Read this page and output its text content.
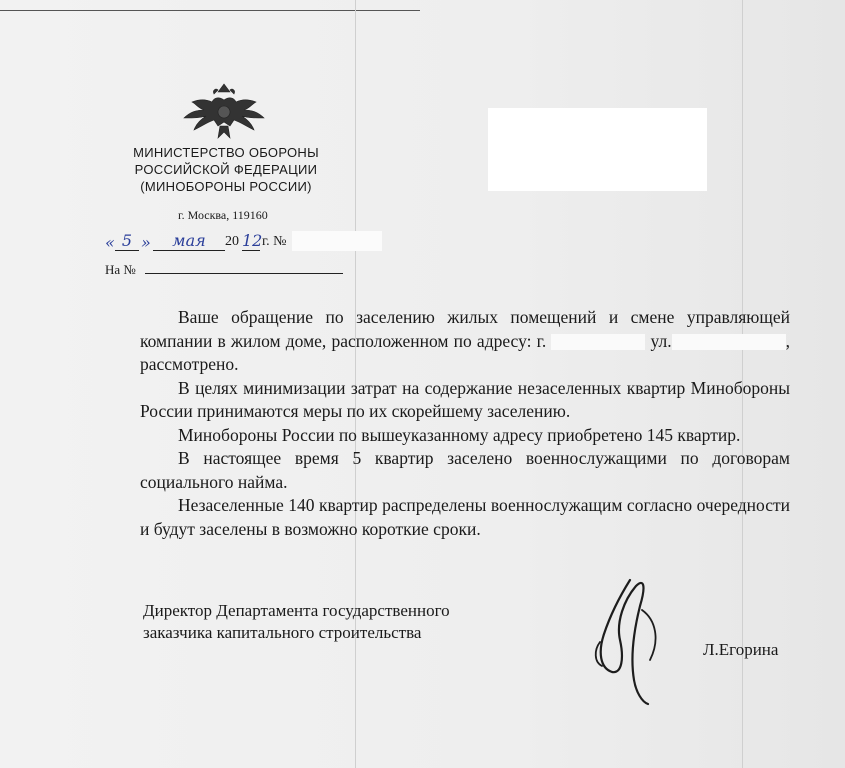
МИНИСТЕРСТВО ОБОРОНЫ
РОССИЙСКОЙ ФЕДЕРАЦИИ
(МИНОБОРОНЫ РОССИИ)
г. Москва, 119160
« 5 »	мая	20 12 г. №
На №

Ваше обращение по заселению жилых помещений и смене управляющей компании в жилом доме, расположенном по адресу: г.	ул.	, рассмотрено.

В целях минимизации затрат на содержание незаселенных квартир Минобороны России принимаются меры по их скорейшему заселению.

Минобороны России по вышеуказанному адресу приобретено 145 квартир.

В настоящее время 5 квартир заселено военнослужащими по договорам социального найма.

Незаселенные 140 квартир распределены военнослужащим согласно очередности и будут заселены в возможно короткие сроки.

Директор Департамента государственного
заказчика капитального строительства
Л.Егорина
